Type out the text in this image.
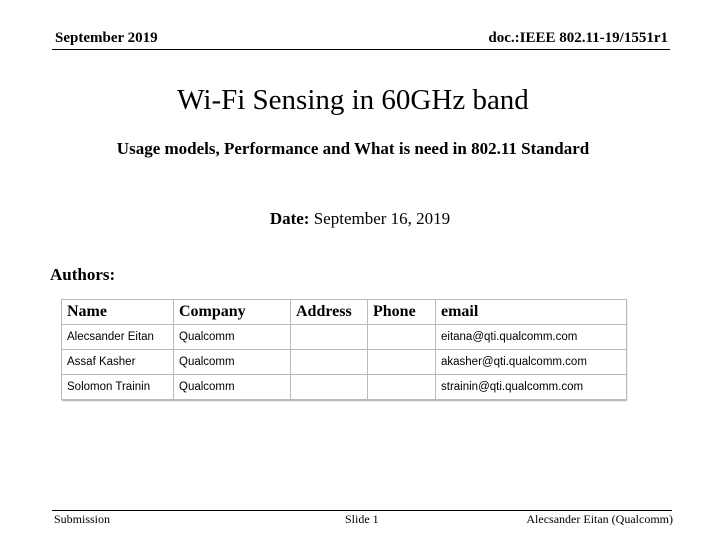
September 2019	doc.:IEEE 802.11-19/1551r1
Wi-Fi Sensing in 60GHz band
Usage models, Performance and What is need in 802.11 Standard
Date: September 16, 2019
Authors:
Name	Company	Address	Phone	email
Alecsander Eitan	Qualcomm			eitana@qti.qualcomm.com
Assaf Kasher	Qualcomm			akasher@qti.qualcomm.com
Solomon Trainin	Qualcomm			strainin@qti.qualcomm.com
Submission	Slide 1	Alecsander Eitan (Qualcomm)
